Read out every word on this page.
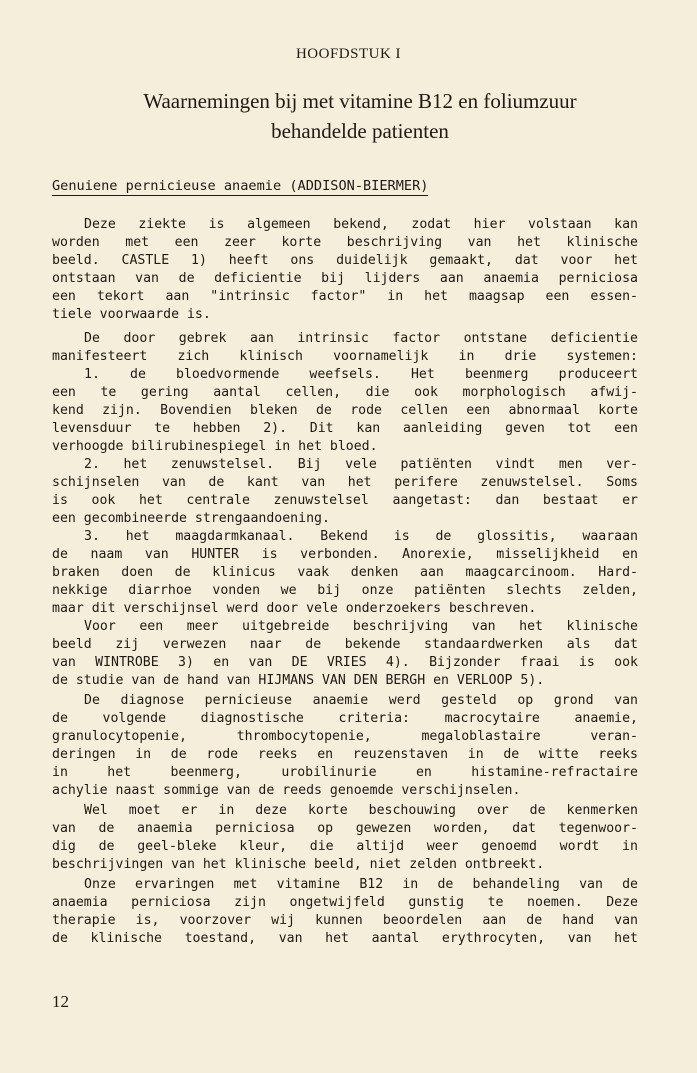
HOOFDSTUK I
Waarnemingen bij met vitamine B12 en foliumzuur
behandelde patienten
Genuiene pernicieuse anaemie (ADDISON-BIERMER)
Deze ziekte is algemeen bekend, zodat hier volstaan kan
worden met een zeer korte beschrijving van het klinische
beeld. CASTLE 1) heeft ons duidelijk gemaakt, dat voor het
ontstaan van de deficientie bij lijders aan anaemia perniciosa
een tekort aan "intrinsic factor" in het maagsap een essen-
tiele voorwaarde is.
De door gebrek aan intrinsic factor ontstane deficientie
manifesteert zich klinisch voornamelijk in drie systemen:
1. de bloedvormende weefsels. Het beenmerg produceert
een te gering aantal cellen, die ook morphologisch afwij-
kend zijn. Bovendien bleken de rode cellen een abnormaal korte
levensduur te hebben 2). Dit kan aanleiding geven tot een
verhoogde bilirubinespiegel in het bloed.
2. het zenuwstelsel. Bij vele patiënten vindt men ver-
schijnselen van de kant van het perifere zenuwstelsel. Soms
is ook het centrale zenuwstelsel aangetast: dan bestaat er
een gecombineerde strengaandoening.
3. het maagdarmkanaal. Bekend is de glossitis, waaraan
de naam van HUNTER is verbonden. Anorexie, misselijkheid en
braken doen de klinicus vaak denken aan maagcarcinoom. Hard-
nekkige diarrhoe vonden we bij onze patiënten slechts zelden,
maar dit verschijnsel werd door vele onderzoekers beschreven.
Voor een meer uitgebreide beschrijving van het klinische
beeld zij verwezen naar de bekende standaardwerken als dat
van WINTROBE 3) en van DE VRIES 4). Bijzonder fraai is ook
de studie van de hand van HIJMANS VAN DEN BERGH en VERLOOP 5).
De diagnose pernicieuse anaemie werd gesteld op grond van
de volgende diagnostische criteria: macrocytaire anaemie,
granulocytopenie, thrombocytopenie, megaloblastaire veran-
deringen in de rode reeks en reuzenstaven in de witte reeks
in het beenmerg, urobilinurie en histamine-refractaire
achylie naast sommige van de reeds genoemde verschijnselen.
Wel moet er in deze korte beschouwing over de kenmerken
van de anaemia perniciosa op gewezen worden, dat tegenwoor-
dig de geel-bleke kleur, die altijd weer genoemd wordt in
beschrijvingen van het klinische beeld, niet zelden ontbreekt.
Onze ervaringen met vitamine B12 in de behandeling van de
anaemia perniciosa zijn ongetwijfeld gunstig te noemen. Deze
therapie is, voorzover wij kunnen beoordelen aan de hand van
de klinische toestand, van het aantal erythrocyten, van het
12
